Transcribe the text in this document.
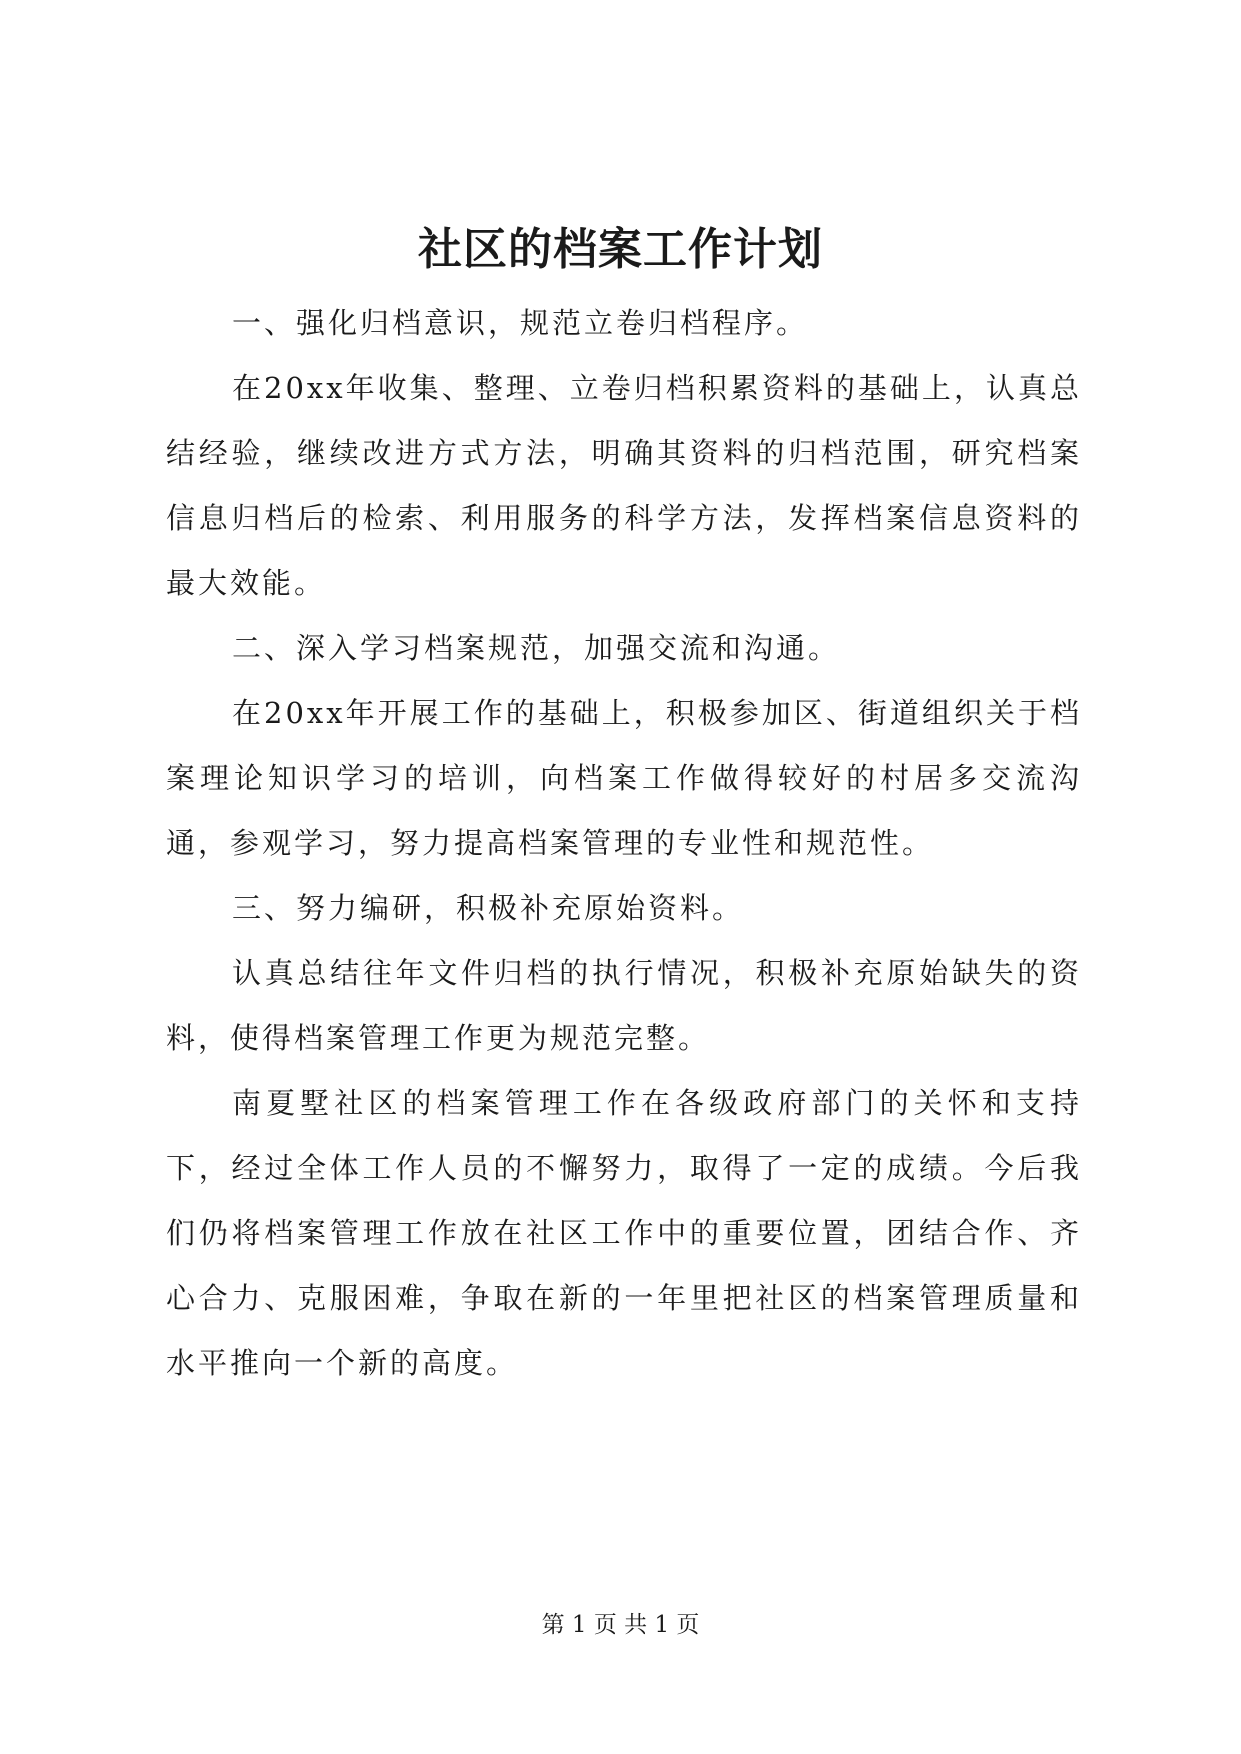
社区的档案工作计划

一、强化归档意识，规范立卷归档程序。

在20xx年收集、整理、立卷归档积累资料的基础上，认真总结经验，继续改进方式方法，明确其资料的归档范围，研究档案信息归档后的检索、利用服务的科学方法，发挥档案信息资料的最大效能。

二、深入学习档案规范，加强交流和沟通。

在20xx年开展工作的基础上，积极参加区、街道组织关于档案理论知识学习的培训，向档案工作做得较好的村居多交流沟通，参观学习，努力提高档案管理的专业性和规范性。

三、努力编研，积极补充原始资料。

认真总结往年文件归档的执行情况，积极补充原始缺失的资料，使得档案管理工作更为规范完整。

南夏墅社区的档案管理工作在各级政府部门的关怀和支持下，经过全体工作人员的不懈努力，取得了一定的成绩。今后我们仍将档案管理工作放在社区工作中的重要位置，团结合作、齐心合力、克服困难，争取在新的一年里把社区的档案管理质量和水平推向一个新的高度。

第 1 页 共 1 页
